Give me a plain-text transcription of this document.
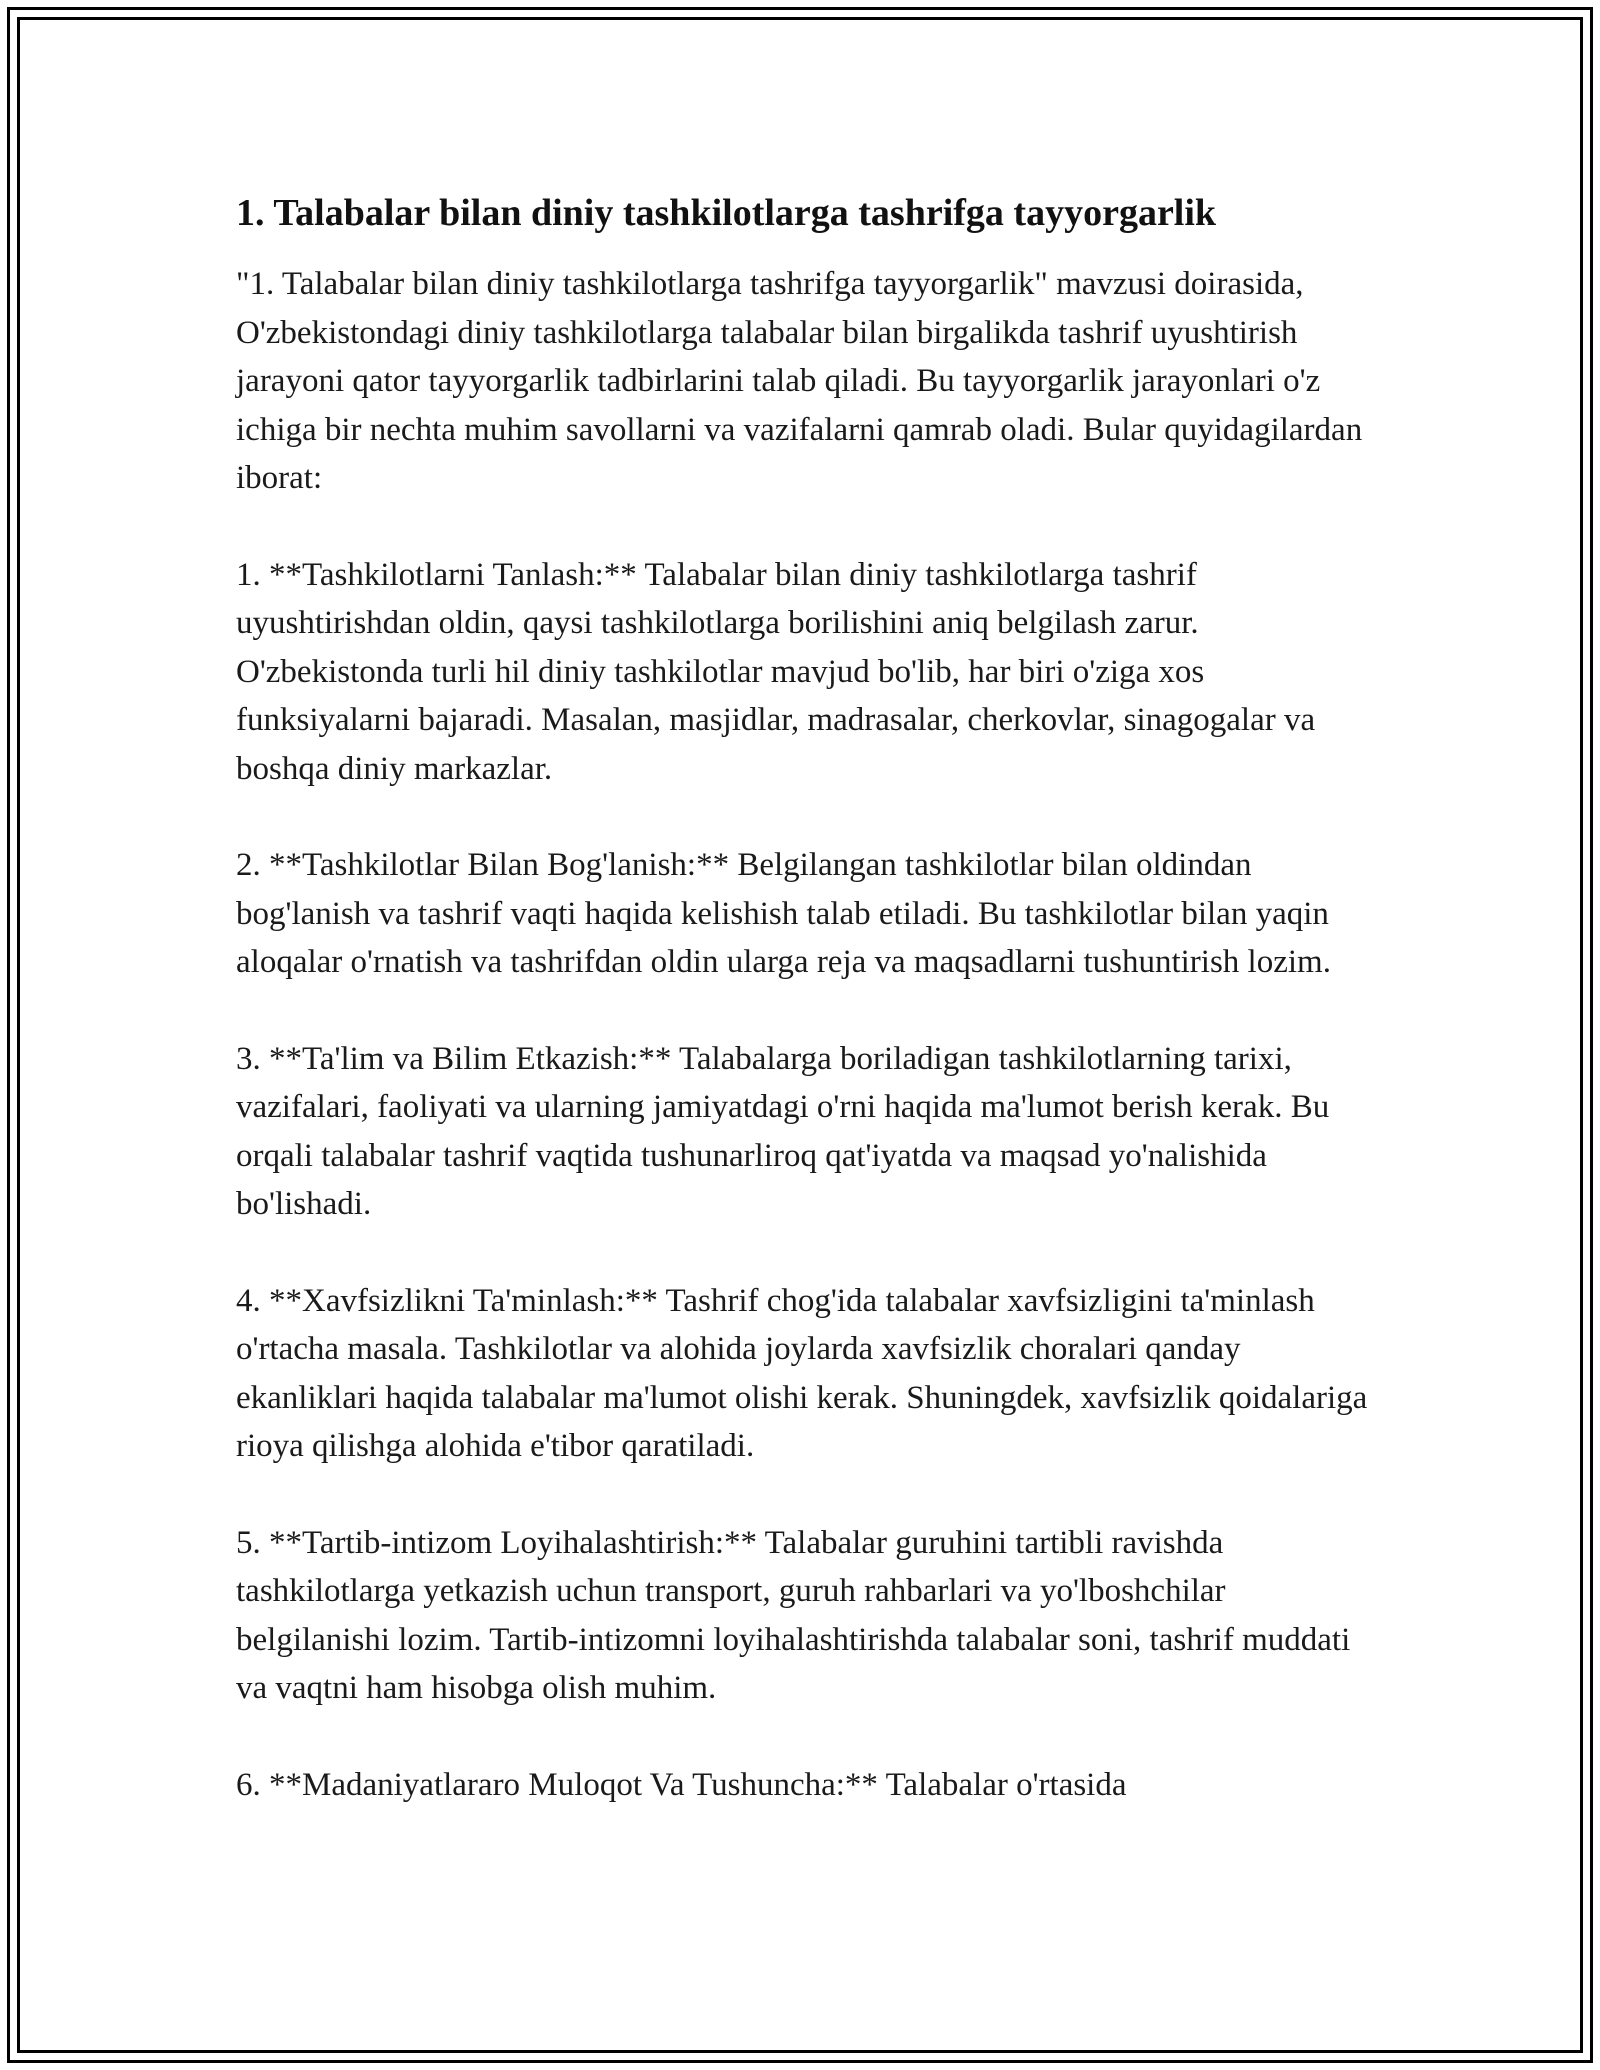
1. Talabalar bilan diniy tashkilotlarga tashrifga tayyorgarlik

"1. Talabalar bilan diniy tashkilotlarga tashrifga tayyorgarlik" mavzusi doirasida, O'zbekistondagi diniy tashkilotlarga talabalar bilan birgalikda tashrif uyushtirish jarayoni qator tayyorgarlik tadbirlarini talab qiladi. Bu tayyorgarlik jarayonlari o'z ichiga bir nechta muhim savollarni va vazifalarni qamrab oladi. Bular quyidagilardan iborat:

1. **Tashkilotlarni Tanlash:** Talabalar bilan diniy tashkilotlarga tashrif uyushtirishdan oldin, qaysi tashkilotlarga borilishini aniq belgilash zarur. O'zbekistonda turli hil diniy tashkilotlar mavjud bo'lib, har biri o'ziga xos funksiyalarni bajaradi. Masalan, masjidlar, madrasalar, cherkovlar, sinagogalar va boshqa diniy markazlar.

2. **Tashkilotlar Bilan Bog'lanish:** Belgilangan tashkilotlar bilan oldindan bog'lanish va tashrif vaqti haqida kelishish talab etiladi. Bu tashkilotlar bilan yaqin aloqalar o'rnatish va tashrifdan oldin ularga reja va maqsadlarni tushuntirish lozim.

3. **Ta'lim va Bilim Etkazish:** Talabalarga boriladigan tashkilotlarning tarixi, vazifalari, faoliyati va ularning jamiyatdagi o'rni haqida ma'lumot berish kerak. Bu orqali talabalar tashrif vaqtida tushunarliroq qat'iyatda va maqsad yo'nalishida bo'lishadi.

4. **Xavfsizlikni Ta'minlash:** Tashrif chog'ida talabalar xavfsizligini ta'minlash o'rtacha masala. Tashkilotlar va alohida joylarda xavfsizlik choralari qanday ekanliklari haqida talabalar ma'lumot olishi kerak. Shuningdek, xavfsizlik qoidalariga rioya qilishga alohida e'tibor qaratiladi.

5. **Tartib-intizom Loyihalashtirish:** Talabalar guruhini tartibli ravishda tashkilotlarga yetkazish uchun transport, guruh rahbarlari va yo'lboshchilar belgilanishi lozim. Tartib-intizomni loyihalashtirishda talabalar soni, tashrif muddati va vaqtni ham hisobga olish muhim.

6. **Madaniyatlararo Muloqot Va Tushuncha:** Talabalar o'rtasida
